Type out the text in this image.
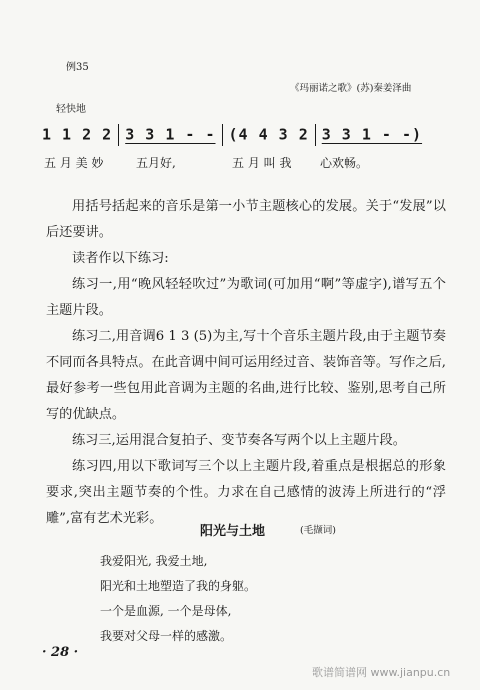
例35
《玛丽诺之歌》(苏)秦姜泽曲
轻快地
1 1 2 2 3 3 1 - - (4 4 3 2 3 3 1 - -)
五 月 美 妙	五月好,	五 月 叫 我 心欢畅。
用括号括起来的音乐是第一小节主题核心的发展。关于“发展”以后还要讲。
读者作以下练习:
练习一,用“晚风轻轻吹过”为歌词(可加用“啊”等虚字),谱写五个主题片段。
练习二,用音调6 1 3 (5)为主,写十个音乐主题片段,由于主题节奏不同而各具特点。在此音调中间可运用经过音、装饰音等。写作之后,最好参考一些包用此音调为主题的名曲,进行比较、鉴别,思考自己所写的优缺点。
练习三,运用混合复拍子、变节奏各写两个以上主题片段。
练习四,用以下歌词写三个以上主题片段,着重点是根据总的形象要求,突出主题节奏的个性。力求在自己感情的波涛上所进行的“浮雕”,富有艺术光彩。
阳光与土地	(毛撷词)
我爱阳光, 我爱土地,
阳光和土地塑造了我的身躯。
一个是血源, 一个是母体,
我要对父母一样的感激。
· 28 ·
歌谱简谱网 www.jianpu.cn
